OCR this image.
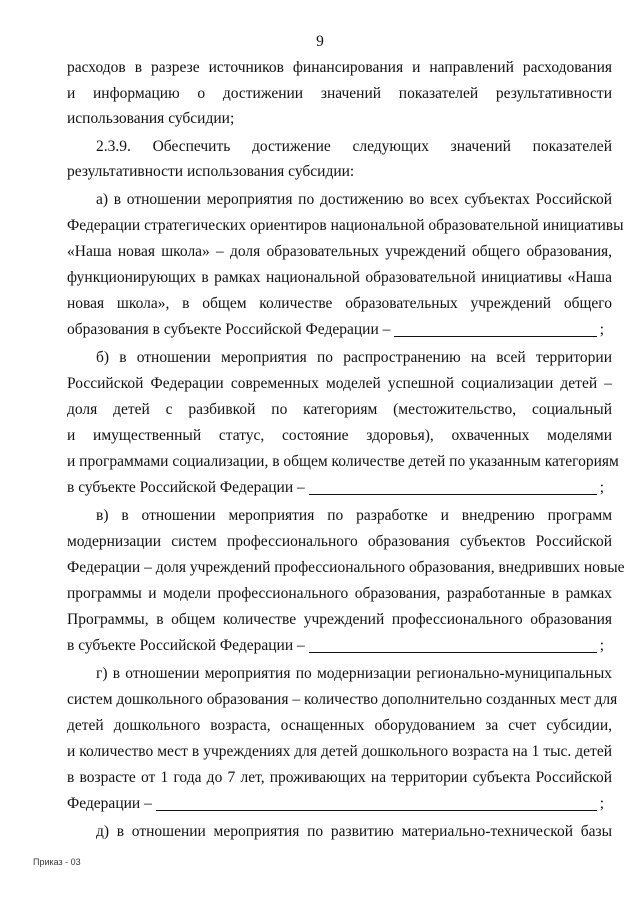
9
расходов в разрезе источников финансирования и направлений расходования
и информацию о достижении значений показателей результативности
использования субсидии;
2.3.9. Обеспечить достижение следующих значений показателей
результативности использования субсидии:
а) в отношении мероприятия по достижению во всех субъектах Российской
Федерации стратегических ориентиров национальной образовательной инициативы
«Наша новая школа» – доля образовательных учреждений общего образования,
функционирующих в рамках национальной образовательной инициативы «Наша
новая школа», в общем количестве образовательных учреждений общего
образования в субъекте Российской Федерации –	;
б) в отношении мероприятия по распространению на всей территории
Российской Федерации современных моделей успешной социализации детей –
доля детей с разбивкой по категориям (местожительство, социальный
и имущественный статус, состояние здоровья), охваченных моделями
и программами социализации, в общем количестве детей по указанным категориям
в субъекте Российской Федерации –	;
в) в отношении мероприятия по разработке и внедрению программ
модернизации систем профессионального образования субъектов Российской
Федерации – доля учреждений профессионального образования, внедривших новые
программы и модели профессионального образования, разработанные в рамках
Программы, в общем количестве учреждений профессионального образования
в субъекте Российской Федерации –	;
г) в отношении мероприятия по модернизации регионально-муниципальных
систем дошкольного образования – количество дополнительно созданных мест для
детей дошкольного возраста, оснащенных оборудованием за счет субсидии,
и количество мест в учреждениях для детей дошкольного возраста на 1 тыс. детей
в возрасте от 1 года до 7 лет, проживающих на территории субъекта Российской
Федерации –	;
д) в отношении мероприятия по развитию материально-технической базы
Приказ - 03
